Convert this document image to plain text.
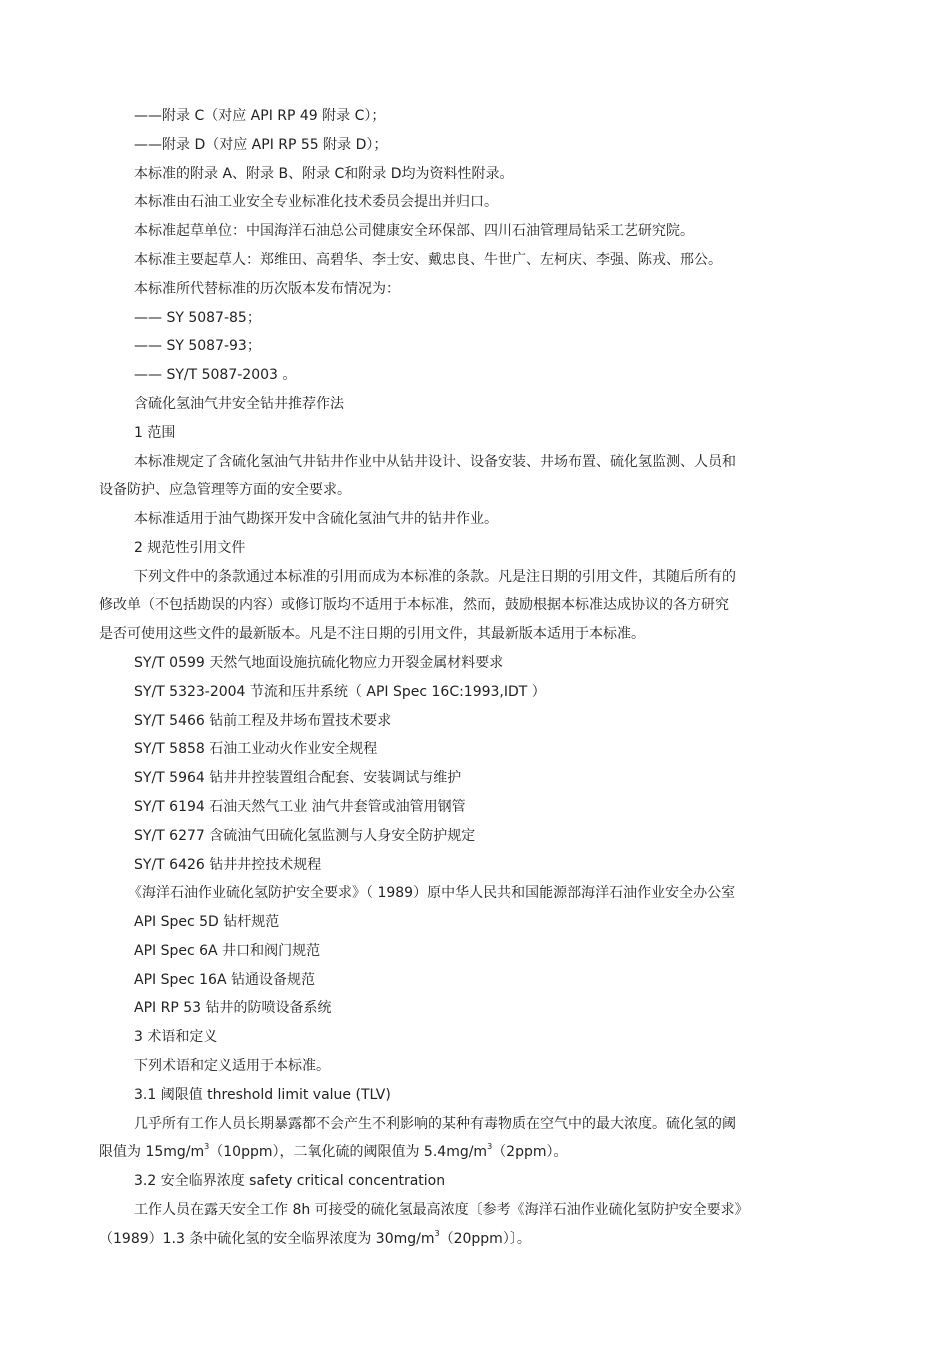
——附录 C（对应 API RP 49 附录 C）；

——附录 D（对应 API RP 55 附录 D）；

本标准的附录 A、附录 B、附录 C和附录 D均为资料性附录。

本标准由石油工业安全专业标准化技术委员会提出并归口。

本标准起草单位：中国海洋石油总公司健康安全环保部、四川石油管理局钻采工艺研究院。

本标准主要起草人：郑维田、高碧华、李士安、戴忠良、牛世广、左柯庆、李强、陈戎、邢公。

本标准所代替标准的历次版本发布情况为：

—— SY 5087-85；

—— SY 5087-93；

—— SY/T 5087-2003 。

含硫化氢油气井安全钻井推荐作法

1 范围

本标准规定了含硫化氢油气井钻井作业中从钻井设计、设备安装、井场布置、硫化氢监测、人员和

设备防护、应急管理等方面的安全要求。

本标准适用于油气勘探开发中含硫化氢油气井的钻井作业。

2 规范性引用文件

下列文件中的条款通过本标准的引用而成为本标准的条款。凡是注日期的引用文件，其随后所有的

修改单（不包括勘误的内容）或修订版均不适用于本标准，然而，鼓励根据本标准达成协议的各方研究

是否可使用这些文件的最新版本。凡是不注日期的引用文件，其最新版本适用于本标准。

SY/T 0599 天然气地面设施抗硫化物应力开裂金属材料要求

SY/T 5323-2004 节流和压井系统（ API Spec 16C:1993,IDT ）

SY/T 5466 钻前工程及井场布置技术要求

SY/T 5858 石油工业动火作业安全规程

SY/T 5964 钻井井控装置组合配套、安装调试与维护

SY/T 6194 石油天然气工业 油气井套管或油管用钢管

SY/T 6277 含硫油气田硫化氢监测与人身安全防护规定

SY/T 6426 钻井井控技术规程

《海洋石油作业硫化氢防护安全要求》（ 1989）原中华人民共和国能源部海洋石油作业安全办公室

API Spec 5D 钻杆规范

API Spec 6A 井口和阀门规范

API Spec 16A 钻通设备规范

API RP 53 钻井的防喷设备系统

3 术语和定义

下列术语和定义适用于本标准。

3.1 阈限值 threshold limit value (TLV)

几乎所有工作人员长期暴露都不会产生不利影响的某种有毒物质在空气中的最大浓度。硫化氢的阈

限值为 $15mg/m^3(10ppm)$，二氧化硫的阈限值为 $5.4mg/m^3(2ppm)$。

3.2 安全临界浓度 safety critical concentration

工作人员在露天安全工作 8h 可接受的硫化氢最高浓度〔参考《海洋石油作业硫化氢防护安全要求》

（1989）1.3 条中硫化氢的安全临界浓度为 $30mg/m^3(20ppm)$〕。
